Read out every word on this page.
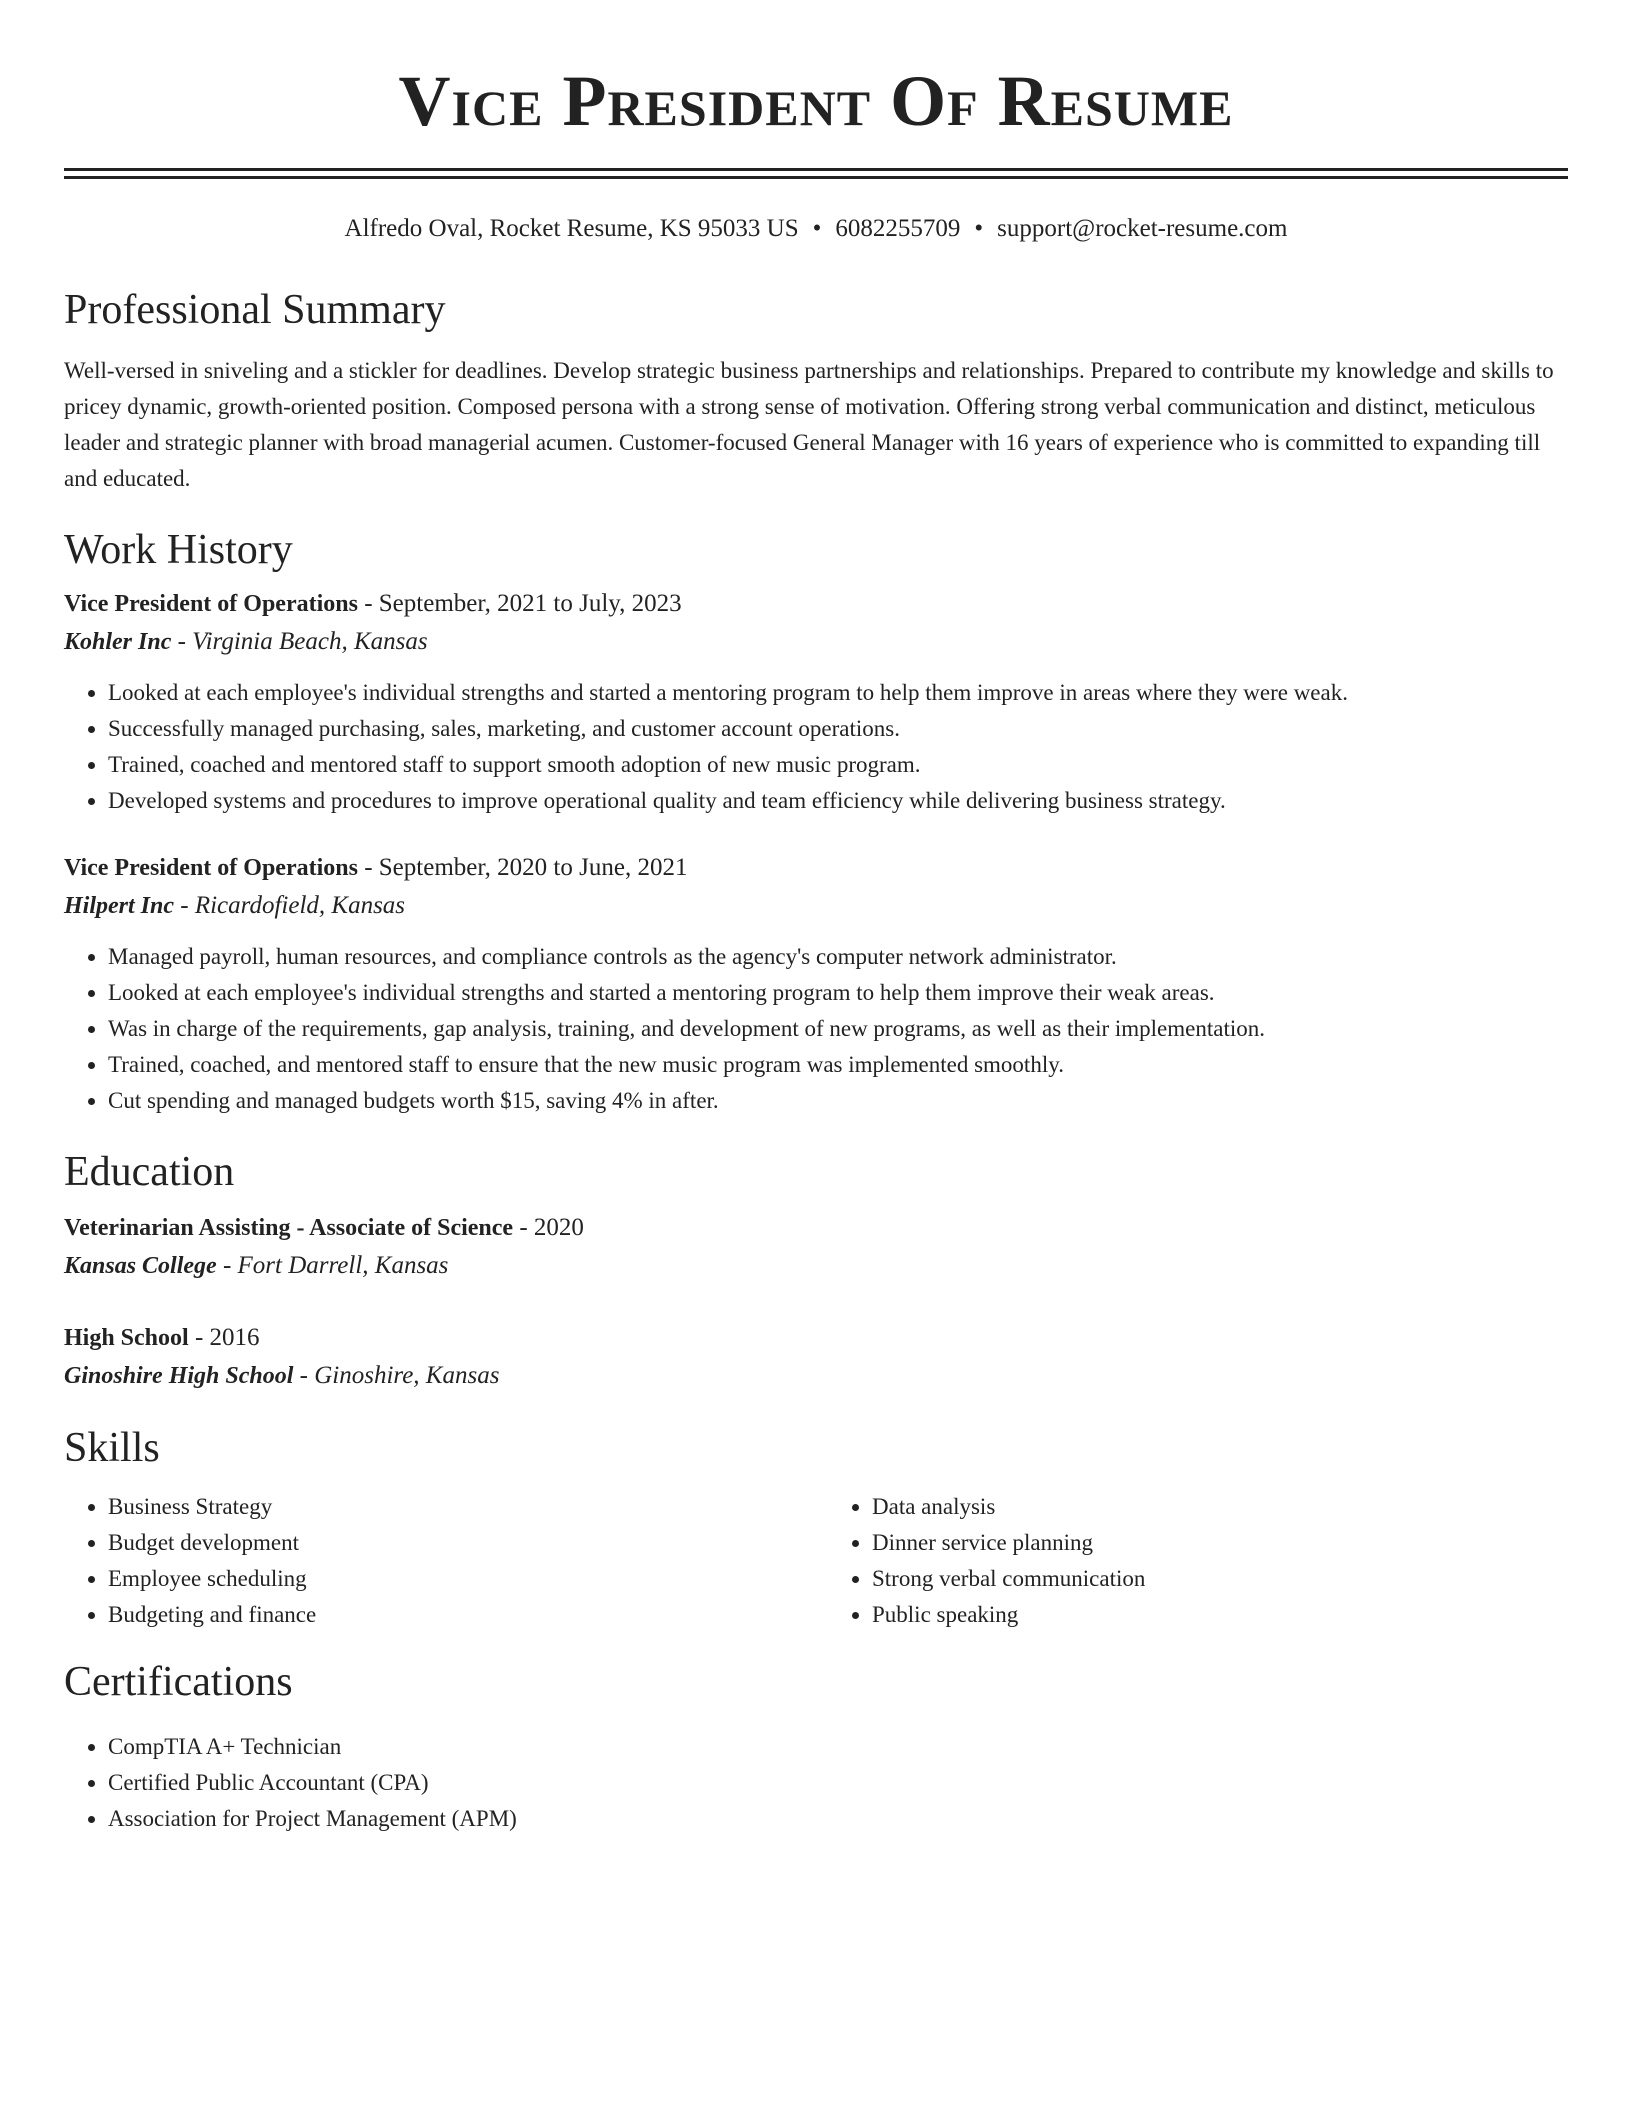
Vice President Of Resume
Alfredo Oval, Rocket Resume, KS 95033 US • 6082255709 • support@rocket-resume.com
Professional Summary
Well-versed in sniveling and a stickler for deadlines. Develop strategic business partnerships and relationships. Prepared to contribute my knowledge and skills to pricey dynamic, growth-oriented position. Composed persona with a strong sense of motivation. Offering strong verbal communication and distinct, meticulous leader and strategic planner with broad managerial acumen. Customer-focused General Manager with 16 years of experience who is committed to expanding till and educated.
Work History
Vice President of Operations - September, 2021 to July, 2023
Kohler Inc - Virginia Beach, Kansas
• Looked at each employee's individual strengths and started a mentoring program to help them improve in areas where they were weak.
• Successfully managed purchasing, sales, marketing, and customer account operations.
• Trained, coached and mentored staff to support smooth adoption of new music program.
• Developed systems and procedures to improve operational quality and team efficiency while delivering business strategy.
Vice President of Operations - September, 2020 to June, 2021
Hilpert Inc - Ricardofield, Kansas
• Managed payroll, human resources, and compliance controls as the agency's computer network administrator.
• Looked at each employee's individual strengths and started a mentoring program to help them improve their weak areas.
• Was in charge of the requirements, gap analysis, training, and development of new programs, as well as their implementation.
• Trained, coached, and mentored staff to ensure that the new music program was implemented smoothly.
• Cut spending and managed budgets worth $15, saving 4% in after.
Education
Veterinarian Assisting - Associate of Science - 2020
Kansas College - Fort Darrell, Kansas
High School - 2016
Ginoshire High School - Ginoshire, Kansas
Skills
• Business Strategy
• Budget development
• Employee scheduling
• Budgeting and finance
• Data analysis
• Dinner service planning
• Strong verbal communication
• Public speaking
Certifications
• CompTIA A+ Technician
• Certified Public Accountant (CPA)
• Association for Project Management (APM)
